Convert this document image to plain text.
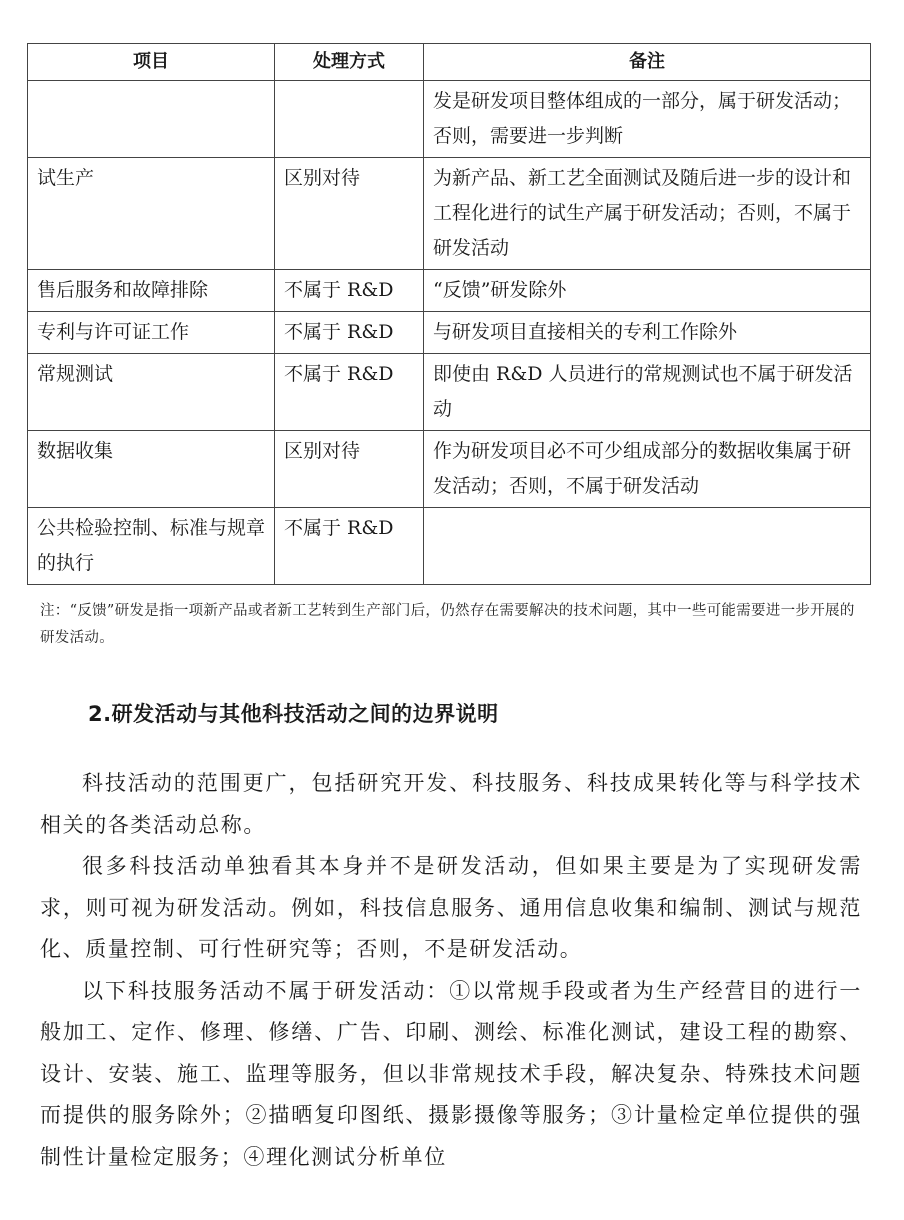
项目	处理方式	备注
		发是研发项目整体组成的一部分，属于研发活动；否则，需要进一步判断
试生产	区别对待	为新产品、新工艺全面测试及随后进一步的设计和工程化进行的试生产属于研发活动；否则，不属于研发活动
售后服务和故障排除	不属于 R&D	“反馈”研发除外
专利与许可证工作	不属于 R&D	与研发项目直接相关的专利工作除外
常规测试	不属于 R&D	即使由 R&D 人员进行的常规测试也不属于研发活动
数据收集	区别对待	作为研发项目必不可少组成部分的数据收集属于研发活动；否则，不属于研发活动
公共检验控制、标准与规章的执行	不属于 R&D	
注：“反馈”研发是指一项新产品或者新工艺转到生产部门后，仍然存在需要解决的技术问题，其中一些可能需要进一步开展的研发活动。
2.研发活动与其他科技活动之间的边界说明

科技活动的范围更广，包括研究开发、科技服务、科技成果转化等与科学技术相关的各类活动总称。

很多科技活动单独看其本身并不是研发活动，但如果主要是为了实现研发需求，则可视为研发活动。例如，科技信息服务、通用信息收集和编制、测试与规范化、质量控制、可行性研究等；否则，不是研发活动。

以下科技服务活动不属于研发活动：①以常规手段或者为生产经营目的进行一般加工、定作、修理、修缮、广告、印刷、测绘、标准化测试，建设工程的勘察、设计、安装、施工、监理等服务，但以非常规技术手段，解决复杂、特殊技术问题而提供的服务除外；②描晒复印图纸、摄影摄像等服务；③计量检定单位提供的强制性计量检定服务；④理化测试分析单位
